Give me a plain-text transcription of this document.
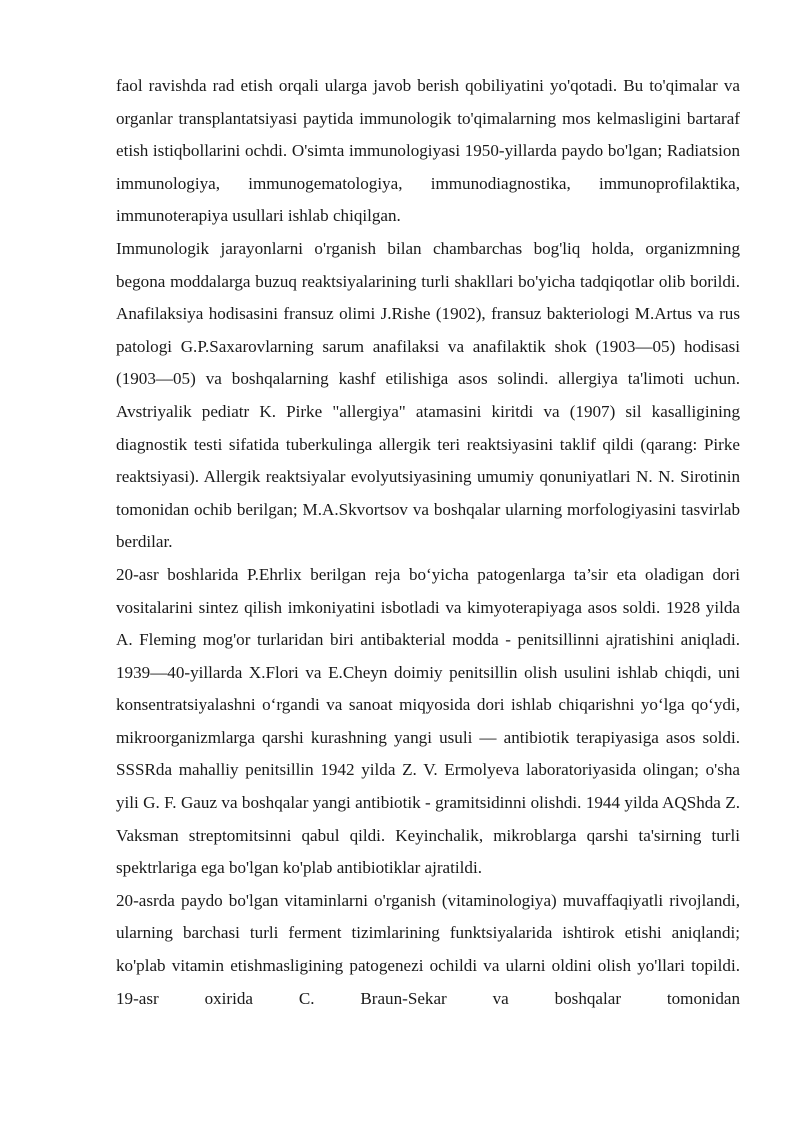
faol ravishda rad etish orqali ularga javob berish qobiliyatini yo'qotadi. Bu to'qimalar va organlar transplantatsiyasi paytida immunologik to'qimalarning mos kelmasligini bartaraf etish istiqbollarini ochdi. O'simta immunologiyasi 1950-yillarda paydo bo'lgan; Radiatsion immunologiya, immunogematologiya, immunodiagnostika, immunoprofilaktika, immunoterapiya usullari ishlab chiqilgan.

Immunologik jarayonlarni o'rganish bilan chambarchas bog'liq holda, organizmning begona moddalarga buzuq reaktsiyalarining turli shakllari bo'yicha tadqiqotlar olib borildi. Anafilaksiya hodisasini fransuz olimi J.Rishe (1902), fransuz bakteriologi M.Artus va rus patologi G.P.Saxarovlarning sarum anafilaksi va anafilaktik shok (1903—05) hodisasi (1903—05) va boshqalarning kashf etilishiga asos solindi. allergiya ta'limoti uchun. Avstriyalik pediatr K. Pirke "allergiya" atamasini kiritdi va (1907) sil kasalligining diagnostik testi sifatida tuberkulinga allergik teri reaktsiyasini taklif qildi (qarang: Pirke reaktsiyasi). Allergik reaktsiyalar evolyutsiyasining umumiy qonuniyatlari N. N. Sirotinin tomonidan ochib berilgan; M.A.Skvortsov va boshqalar ularning morfologiyasini tasvirlab berdilar.

20-asr boshlarida P.Ehrlix berilgan reja bo‘yicha patogenlarga ta’sir eta oladigan dori vositalarini sintez qilish imkoniyatini isbotladi va kimyoterapiyaga asos soldi. 1928 yilda A. Fleming mog'or turlaridan biri antibakterial modda - penitsillinni ajratishini aniqladi. 1939—40-yillarda X.Flori va E.Cheyn doimiy penitsillin olish usulini ishlab chiqdi, uni konsentratsiyalashni o‘rgandi va sanoat miqyosida dori ishlab chiqarishni yo‘lga qo‘ydi, mikroorganizmlarga qarshi kurashning yangi usuli — antibiotik terapiyasiga asos soldi. SSSRda mahalliy penitsillin 1942 yilda Z. V. Ermolyeva laboratoriyasida olingan; o'sha yili G. F. Gauz va boshqalar yangi antibiotik - gramitsidinni olishdi. 1944 yilda AQShda Z. Vaksman streptomitsinni qabul qildi. Keyinchalik, mikroblarga qarshi ta'sirning turli spektrlariga ega bo'lgan ko'plab antibiotiklar ajratildi.

20-asrda paydo bo'lgan vitaminlarni o'rganish (vitaminologiya) muvaffaqiyatli rivojlandi, ularning barchasi turli ferment tizimlarining funktsiyalarida ishtirok etishi aniqlandi; ko'plab vitamin etishmasligining patogenezi ochildi va ularni oldini olish yo'llari topildi. 19-asr oxirida C. Braun-Sekar va boshqalar tomonidan
